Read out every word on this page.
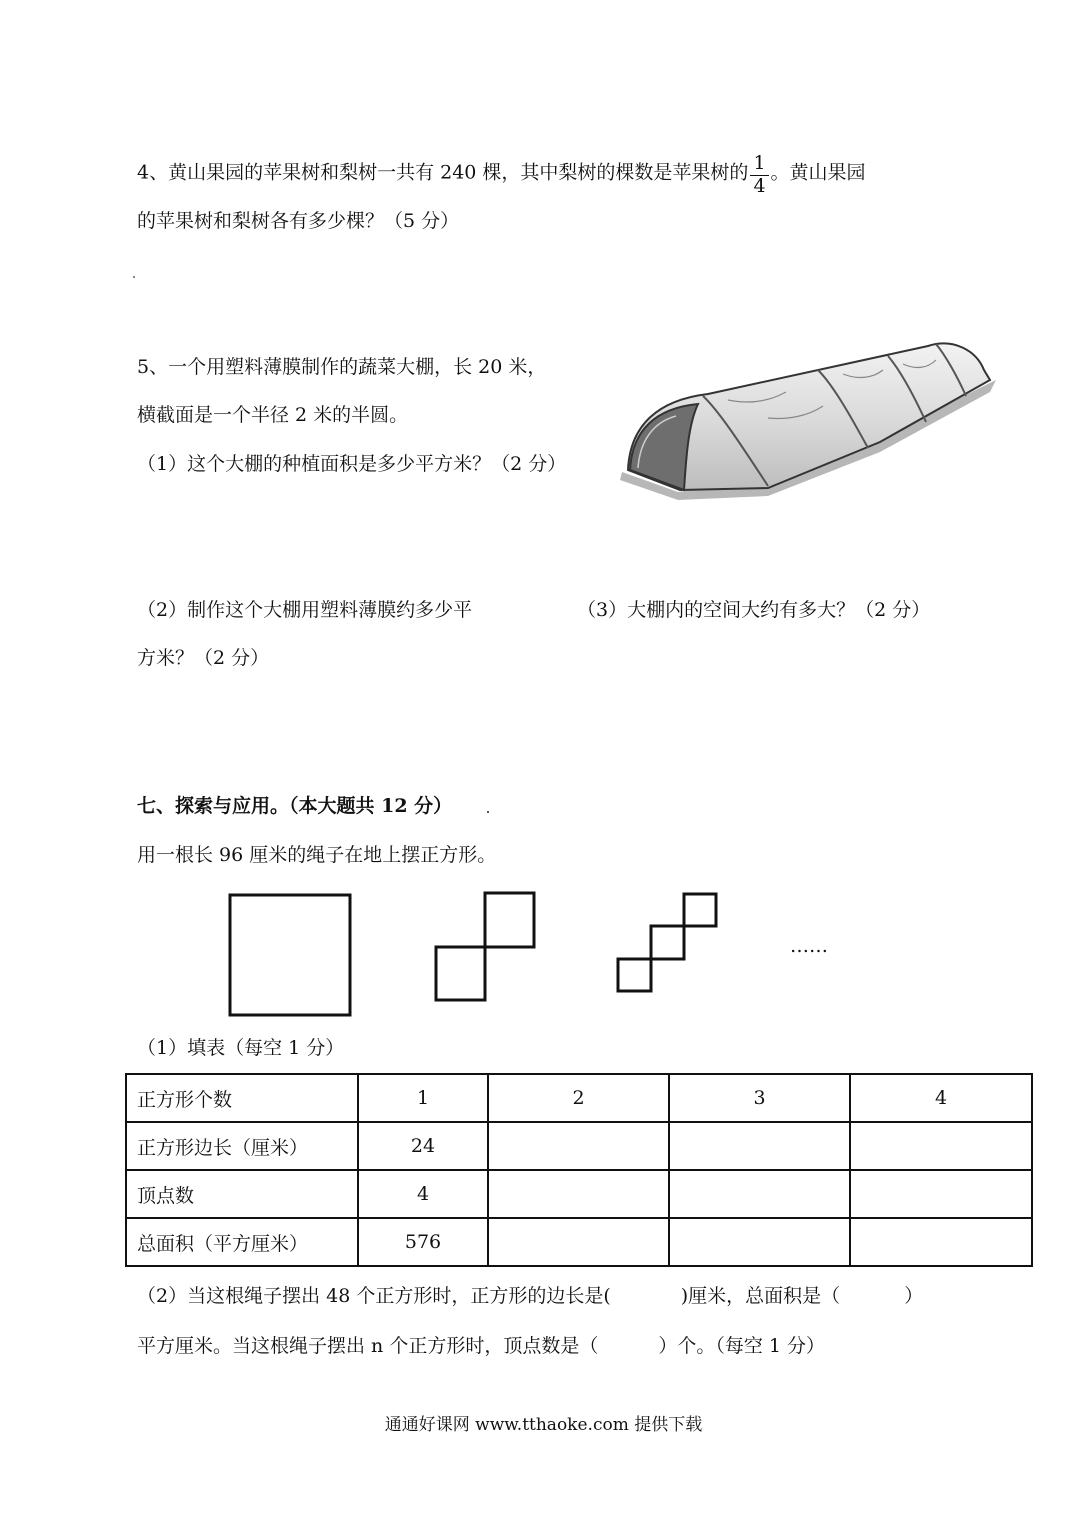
4、黄山果园的苹果树和梨树一共有 240 棵，其中梨树的棵数是苹果树的 $\frac{1}{4}$ 。黄山果园
的苹果树和梨树各有多少棵？（5 分）
5、一个用塑料薄膜制作的蔬菜大棚，长 20 米，
横截面是一个半径 2 米的半圆。
（1）这个大棚的种植面积是多少平方米？（2 分）
（2）制作这个大棚用塑料薄膜约多少平
方米？（2 分）
（3）大棚内的空间大约有多大？（2 分）
七、探索与应用。（本大题共 12 分）
用一根长 96 厘米的绳子在地上摆正方形。
……
（1）填表（每空 1 分）
正方形个数	1	2	3	4
正方形边长（厘米）	24			
顶点数	4			
总面积（平方厘米）	576			
（2）当这根绳子摆出 48 个正方形时，正方形的边长是(	)厘米，总面积是（	）
平方厘米。当这根绳子摆出 n 个正方形时，顶点数是（	）个。（每空 1 分）
通通好课网 www.tthaoke.com 提供下载
